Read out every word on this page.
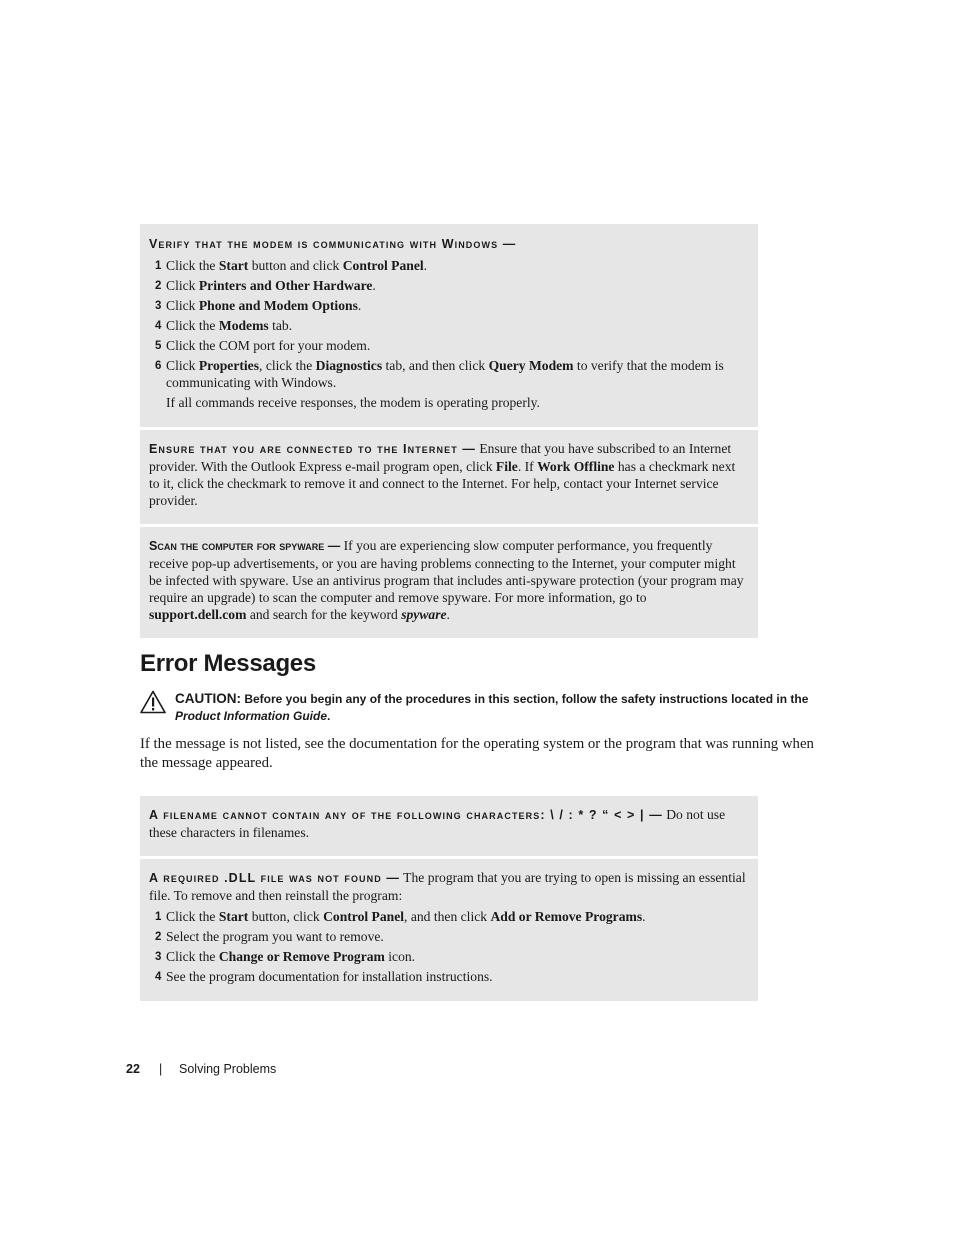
Verify that the modem is communicating with Windows —

1 Click the Start button and click Control Panel.
2 Click Printers and Other Hardware.
3 Click Phone and Modem Options.
4 Click the Modems tab.
5 Click the COM port for your modem.
6 Click Properties, click the Diagnostics tab, and then click Query Modem to verify that the modem is communicating with Windows.

If all commands receive responses, the modem is operating properly.

Ensure that you are connected to the Internet — Ensure that you have subscribed to an Internet provider. With the Outlook Express e-mail program open, click File. If Work Offline has a checkmark next to it, click the checkmark to remove it and connect to the Internet. For help, contact your Internet service provider.

Scan the computer for spyware — If you are experiencing slow computer performance, you frequently receive pop-up advertisements, or you are having problems connecting to the Internet, your computer might be infected with spyware. Use an antivirus program that includes anti-spyware protection (your program may require an upgrade) to scan the computer and remove spyware. For more information, go to support.dell.com and search for the keyword spyware.

Error Messages
CAUTION: Before you begin any of the procedures in this section, follow the safety instructions located in the Product Information Guide.

If the message is not listed, see the documentation for the operating system or the program that was running when the message appeared.

A filename cannot contain any of the following characters: \ / : * ? “ < > | — Do not use these characters in filenames.

A required .DLL file was not found — The program that you are trying to open is missing an essential file. To remove and then reinstall the program:

1 Click the Start button, click Control Panel, and then click Add or Remove Programs.
2 Select the program you want to remove.
3 Click the Change or Remove Program icon.
4 See the program documentation for installation instructions.
22 | Solving Problems
